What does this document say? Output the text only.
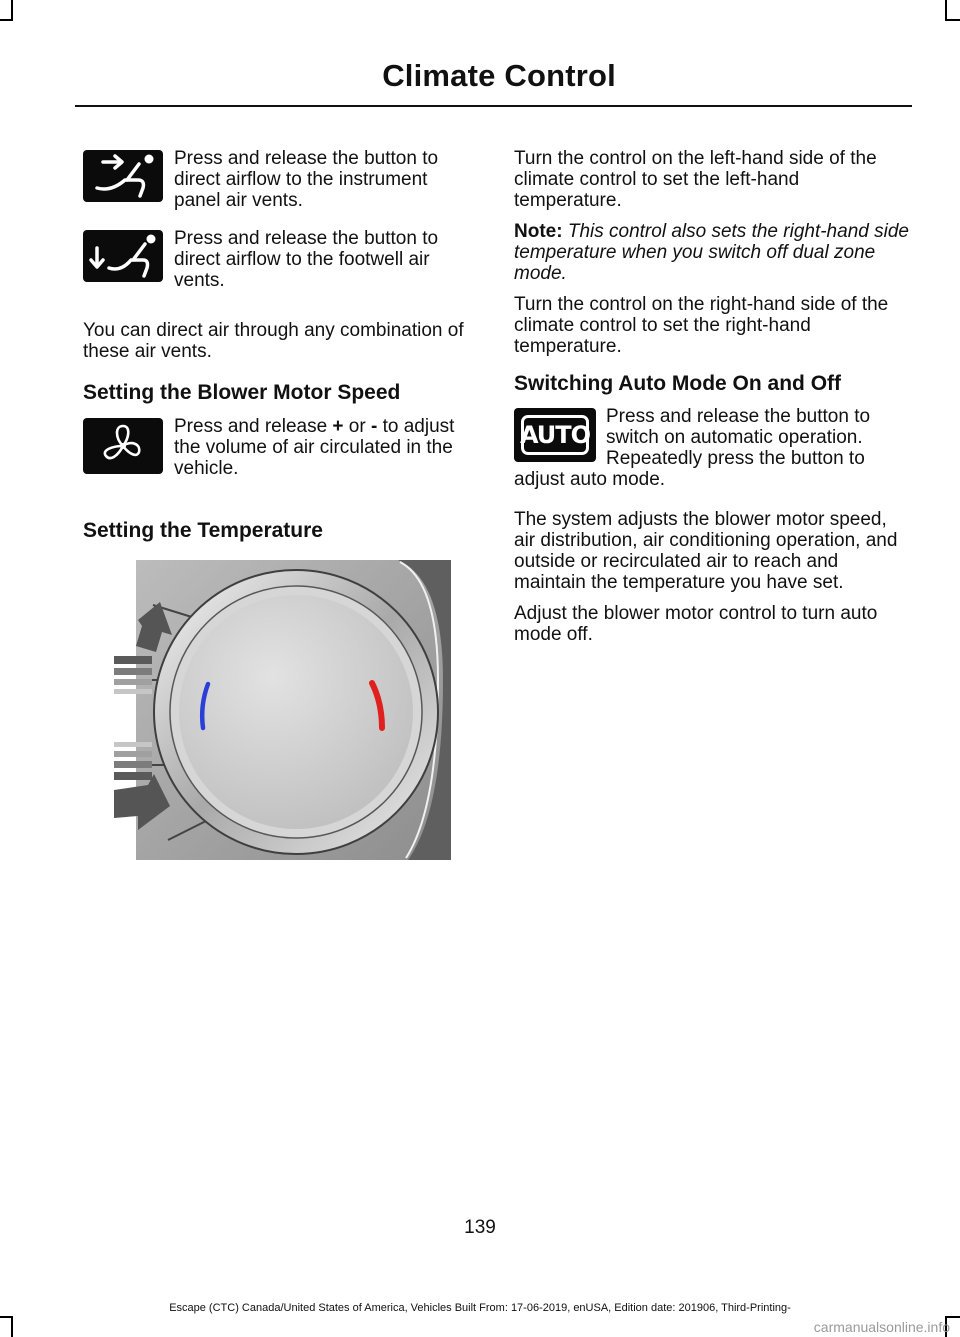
Climate Control
Press and release the button to direct airflow to the instrument panel air vents.
Press and release the button to direct airflow to the footwell air vents.

You can direct air through any combination of these air vents.

Setting the Blower Motor Speed
Press and release + or - to adjust the volume of air circulated in the vehicle.
Setting the Temperature

Turn the control on the left-hand side of the climate control to set the left-hand temperature.

Note: This control also sets the right-hand side temperature when you switch off dual zone mode.

Turn the control on the right-hand side of the climate control to set the right-hand temperature.

Switching Auto Mode On and Off
AUTO

Press and release the button to switch on automatic operation. Repeatedly press the button to adjust auto mode.

The system adjusts the blower motor speed, air distribution, air conditioning operation, and outside or recirculated air to reach and maintain the temperature you have set.

Adjust the blower motor control to turn auto mode off.

139
Escape (CTC) Canada/United States of America, Vehicles Built From: 17-06-2019, enUSA, Edition date: 201906, Third-Printing-
carmanualsonline.info
